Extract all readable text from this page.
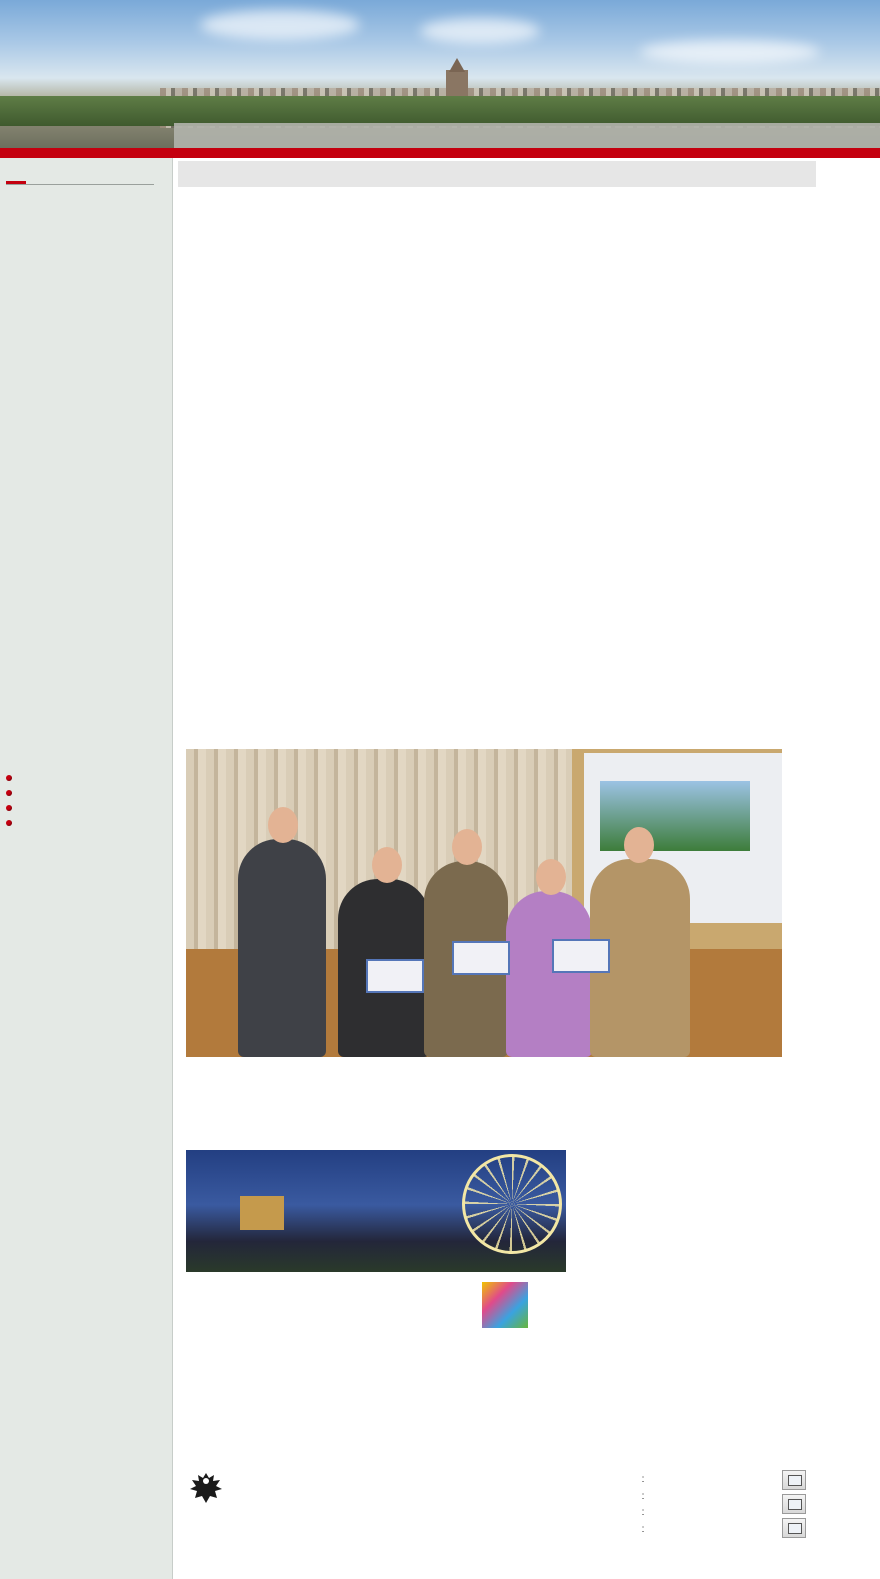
:
:
:
:
